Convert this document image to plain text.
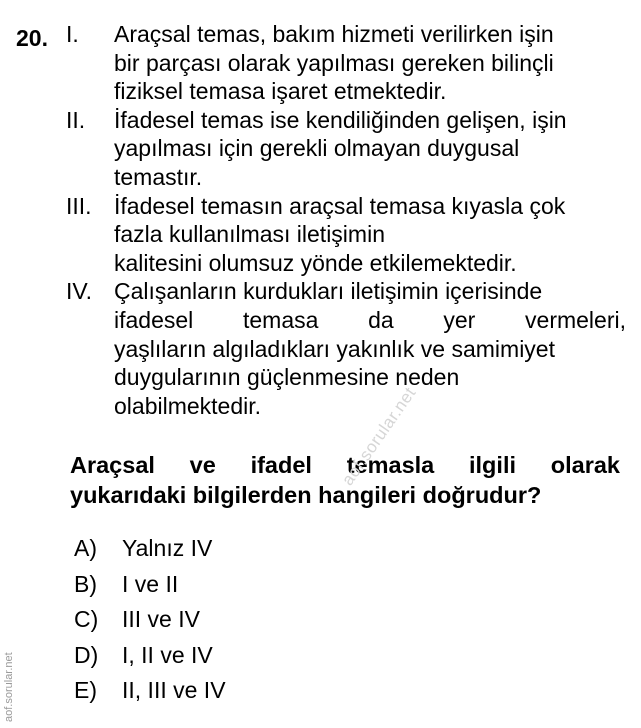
20. I.	Araçsal temas, bakım hizmeti verilirken işin
bir parçası olarak yapılması gereken bilinçli
fiziksel temasa işaret etmektedir.
II.	İfadesel temas ise kendiliğinden gelişen, işin
yapılması için gerekli olmayan duygusal
temastır.
III. İfadesel temasın araçsal temasa kıyasla çok
fazla kullanılması iletişimin
kalitesini olumsuz yönde etkilemektedir.
IV. Çalışanların kurdukları iletişimin içerisinde
ifadesel temasa da yer vermeleri,
yaşlıların algıladıkları yakınlık ve samimiyet
duygularının güçlenmesine neden
olabilmektedir.
Araçsal ve ifadel temasla ilgili olarak
yukarıdaki bilgilerden hangileri doğrudur?
A)	Yalnız IV
B)	I ve II
C)	III ve IV
D)	I, II ve IV
E)	II, III ve IV
aof.sorular.net
aof.sorular.net
